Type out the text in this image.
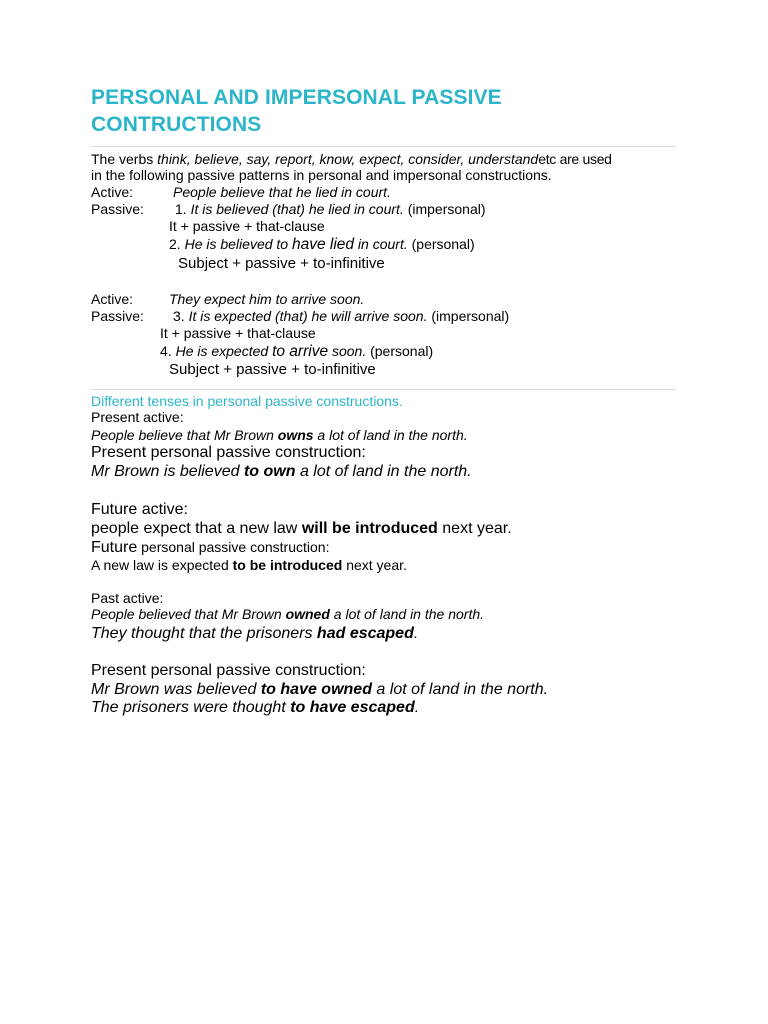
PERSONAL AND IMPERSONAL PASSIVE
CONTRUCTIONS
The verbs think, believe, say, report, know, expect, consider, understandetc are used
in the following passive patterns in personal and impersonal constructions.
Active:	People believe that he lied in court.
Passive: 1. It is believed (that) he lied in court. (impersonal)
It + passive + that-clause
2. He is believed to have lied in court. (personal)
Subject + passive + to-infinitive
Active:	They expect him to arrive soon.
Passive: 3. It is expected (that) he will arrive soon. (impersonal)
It + passive + that-clause
4. He is expected to arrive soon. (personal)
Subject + passive + to-infinitive
Different tenses in personal passive constructions.
Present active:
People believe that Mr Brown owns a lot of land in the north.
Present personal passive construction:
Mr Brown is believed to own a lot of land in the north.
Future active:
people expect that a new law will be introduced next year.
Future personal passive construction:
A new law is expected to be introduced next year.
Past active:
People believed that Mr Brown owned a lot of land in the north.
They thought that the prisoners had escaped.
Present personal passive construction:
Mr Brown was believed to have owned a lot of land in the north.
The prisoners were thought to have escaped.
